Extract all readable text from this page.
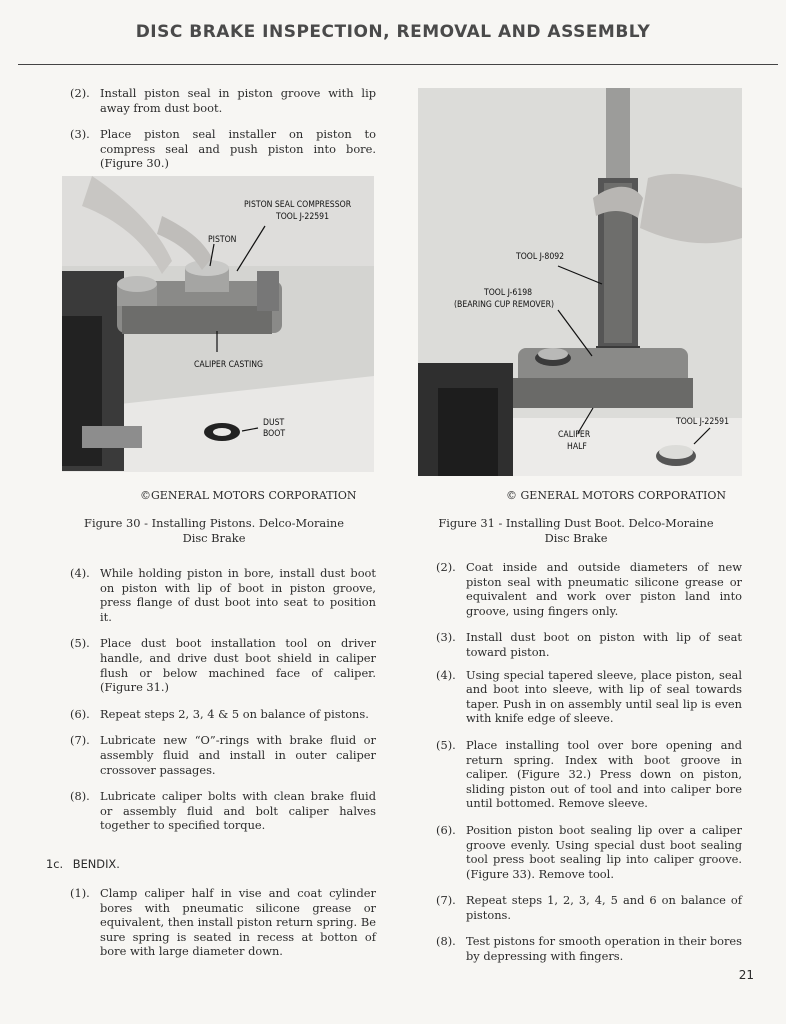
DISC BRAKE INSPECTION, REMOVAL AND ASSEMBLY
(2). Install piston seal in piston groove with lip away from dust boot.
(3). Place piston seal installer on piston to compress seal and push piston into bore. (Figure 30.)
PISTON SEAL COMPRESSOR
TOOL J-22591
PISTON
CALIPER CASTING
DUST
BOOT
©GENERAL MOTORS CORPORATION
Figure 30 - Installing Pistons. Delco-Moraine
Disc Brake
TOOL J-8092
TOOL J-6198
(BEARING CUP REMOVER)
CALIPER
HALF
TOOL J-22591
© GENERAL MOTORS CORPORATION
Figure 31 - Installing Dust Boot. Delco-Moraine
Disc Brake
(4). While holding piston in bore, install dust boot on piston with lip of boot in piston groove, press flange of dust boot into seat to position it.
(5). Place dust boot installation tool on driver handle, and drive dust boot shield in caliper flush or below machined face of caliper. (Figure 31.)
(6). Repeat steps 2, 3, 4 & 5 on balance of pistons.
(7). Lubricate new “O”-rings with brake fluid or assembly fluid and install in outer caliper crossover passages.
(8). Lubricate caliper bolts with clean brake fluid or assembly fluid and bolt caliper halves together to specified torque.
1c. BENDIX.
(1). Clamp caliper half in vise and coat cylinder bores with pneumatic silicone grease or equivalent, then install piston return spring. Be sure spring is seated in recess at botton of bore with large diameter down.
(2). Coat inside and outside diameters of new piston seal with pneumatic silicone grease or equivalent and work over piston land into groove, using fingers only.
(3). Install dust boot on piston with lip of seat toward piston.
(4). Using special tapered sleeve, place piston, seal and boot into sleeve, with lip of seal towards taper. Push in on assembly until seal lip is even with knife edge of sleeve.
(5). Place installing tool over bore opening and return spring. Index with boot groove in caliper. (Figure 32.) Press down on piston, sliding piston out of tool and into caliper bore until bottomed. Remove sleeve.
(6). Position piston boot sealing lip over a caliper groove evenly. Using special dust boot sealing tool press boot sealing lip into caliper groove. (Figure 33). Remove tool.
(7). Repeat steps 1, 2, 3, 4, 5 and 6 on balance of pistons.
(8). Test pistons for smooth operation in their bores by depressing with fingers.
21
